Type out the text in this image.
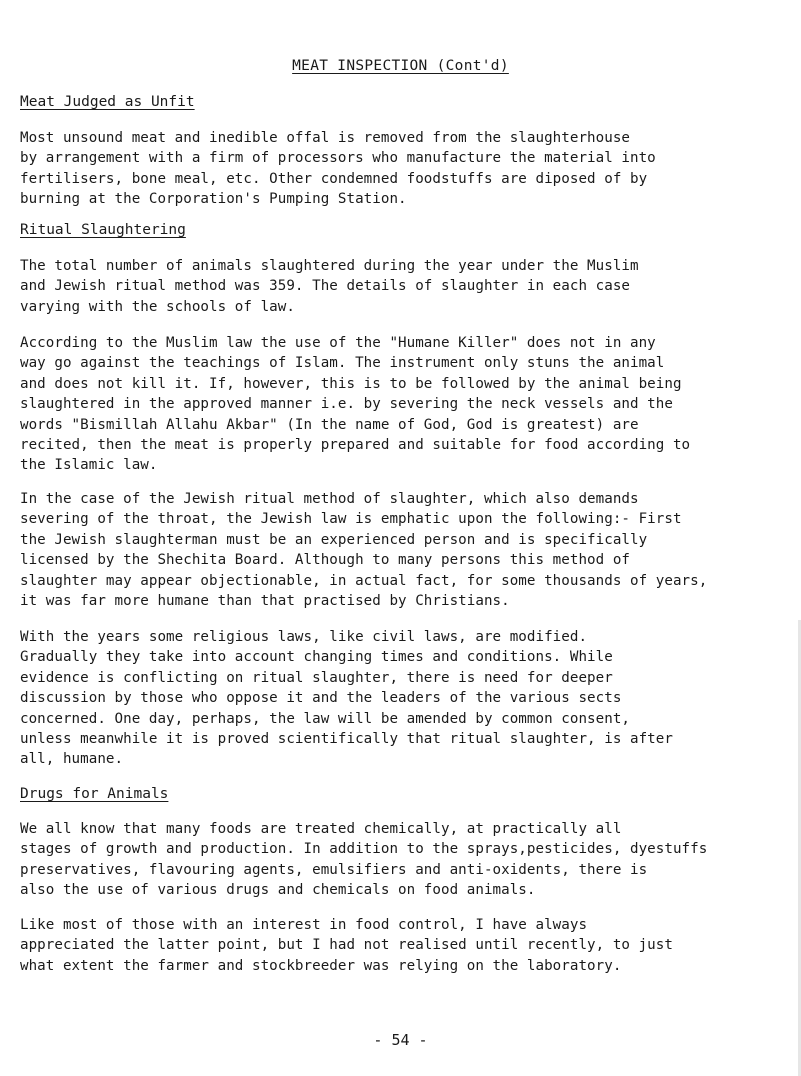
MEAT INSPECTION (Cont'd)
Meat Judged as Unfit

Most unsound meat and inedible offal is removed from the slaughterhouse
by arrangement with a firm of processors who manufacture the material into
fertilisers, bone meal, etc. Other condemned foodstuffs are diposed of by
burning at the Corporation's Pumping Station.

Ritual Slaughtering

The total number of animals slaughtered during the year under the Muslim
and Jewish ritual method was 359. The details of slaughter in each case
varying with the schools of law.

According to the Muslim law the use of the "Humane Killer" does not in any
way go against the teachings of Islam. The instrument only stuns the animal
and does not kill it. If, however, this is to be followed by the animal being
slaughtered in the approved manner i.e. by severing the neck vessels and the
words "Bismillah Allahu Akbar" (In the name of God, God is greatest) are
recited, then the meat is properly prepared and suitable for food according to
the Islamic law.

In the case of the Jewish ritual method of slaughter, which also demands
severing of the throat, the Jewish law is emphatic upon the following:- First
the Jewish slaughterman must be an experienced person and is specifically
licensed by the Shechita Board. Although to many persons this method of
slaughter may appear objectionable, in actual fact, for some thousands of years,
it was far more humane than that practised by Christians.

With the years some religious laws, like civil laws, are modified.
Gradually they take into account changing times and conditions. While
evidence is conflicting on ritual slaughter, there is need for deeper
discussion by those who oppose it and the leaders of the various sects
concerned. One day, perhaps, the law will be amended by common consent,
unless meanwhile it is proved scientifically that ritual slaughter, is after
all, humane.

Drugs for Animals

We all know that many foods are treated chemically, at practically all
stages of growth and production. In addition to the sprays,pesticides, dyestuffs
preservatives, flavouring agents, emulsifiers and anti-oxidents, there is
also the use of various drugs and chemicals on food animals.

Like most of those with an interest in food control, I have always
appreciated the latter point, but I had not realised until recently, to just
what extent the farmer and stockbreeder was relying on the laboratory.

- 54 -
